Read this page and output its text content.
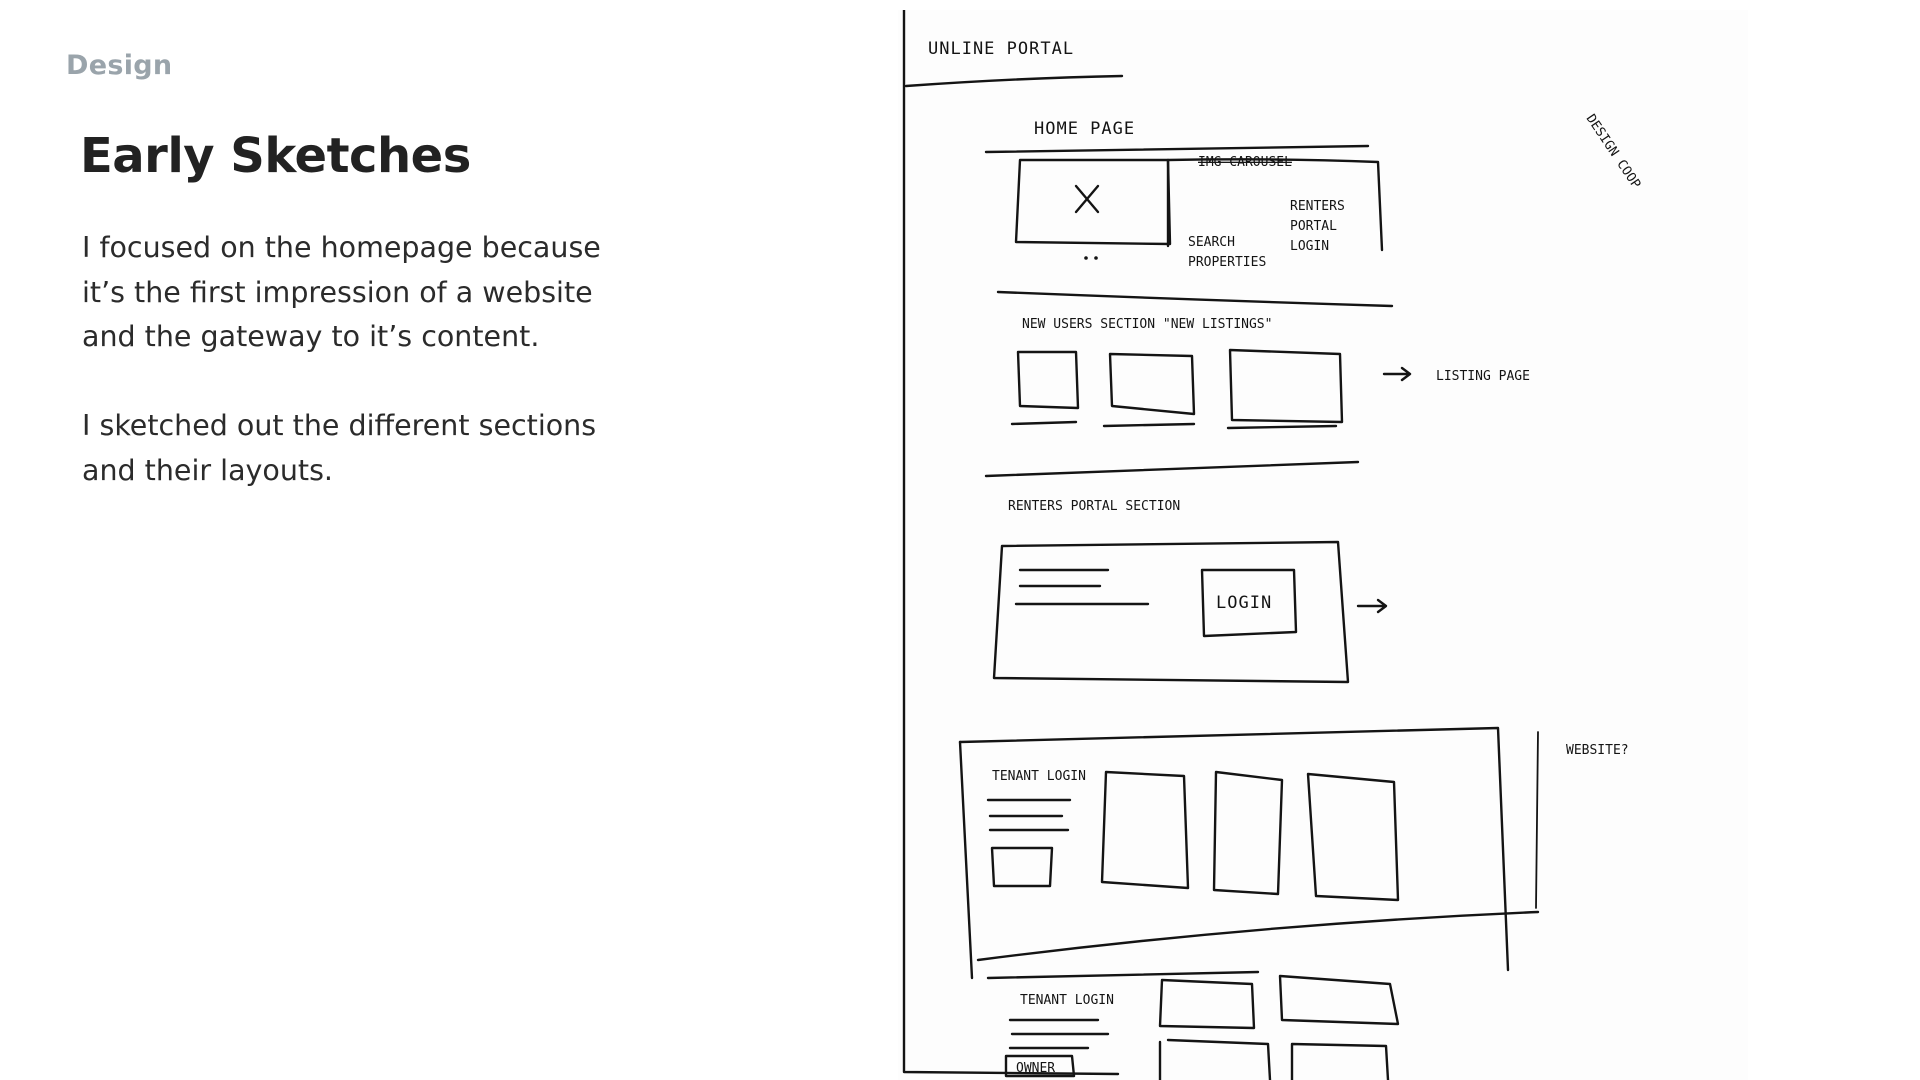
Design
Early Sketches

I focused on the homepage because it’s the first impression of a website and the gateway to it’s content.

I sketched out the different sections and their layouts.

UNLINE PORTAL
HOME PAGE
IMG CAROUSEL
RENTERS
PORTAL
LOGIN
SEARCH
PROPERTIES
NEW USERS SECTION "NEW LISTINGS"
LISTING PAGE
RENTERS PORTAL SECTION
LOGIN
TENANT LOGIN
WEBSITE?
TENANT LOGIN
OWNER
DESIGN COOP
